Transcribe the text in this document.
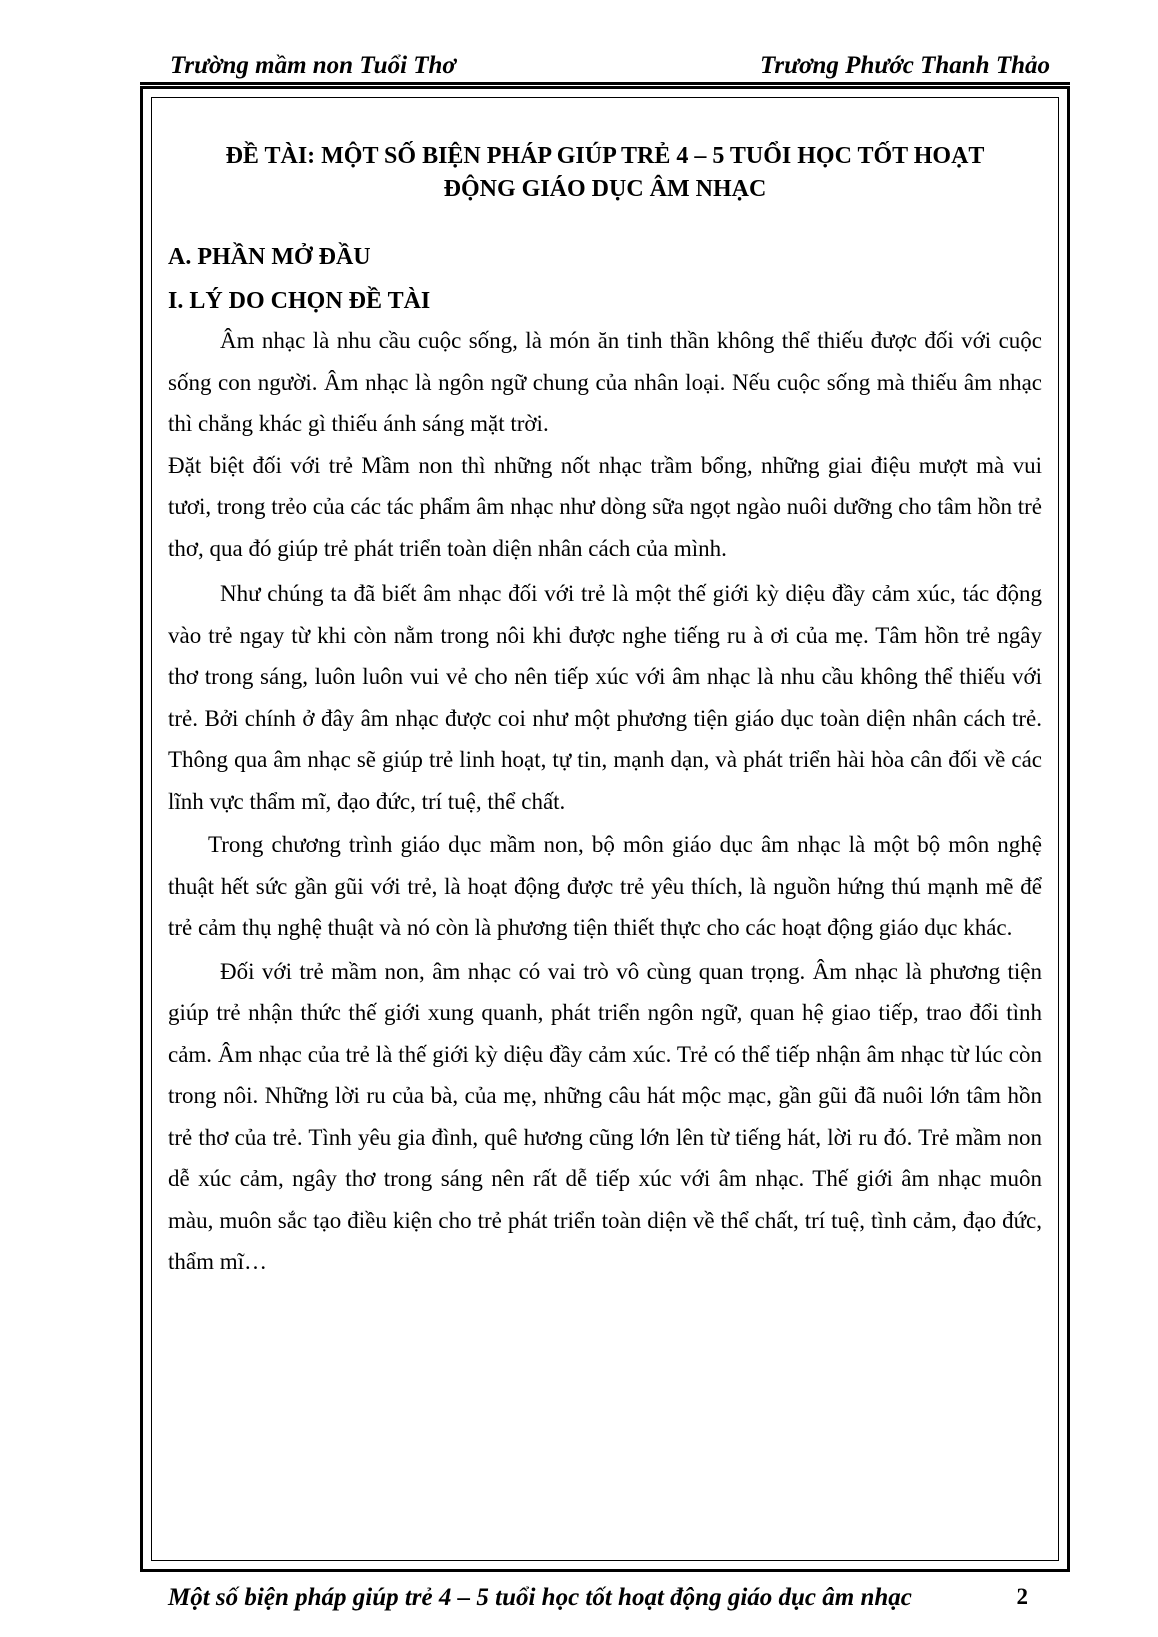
Trường mầm non Tuổi Thơ	Trương Phước Thanh Thảo

ĐỀ TÀI: MỘT SỐ BIỆN PHÁP GIÚP TRẺ 4 – 5 TUỔI HỌC TỐT HOẠT
ĐỘNG GIÁO DỤC ÂM NHẠC

A. PHẦN MỞ ĐẦU

I. LÝ DO CHỌN ĐỀ TÀI

Âm nhạc là nhu cầu cuộc sống, là món ăn tinh thần không thể thiếu được đối với cuộc sống con người. Âm nhạc là ngôn ngữ chung của nhân loại. Nếu cuộc sống mà thiếu âm nhạc thì chẳng khác gì thiếu ánh sáng mặt trời.

Đặt biệt đối với trẻ Mầm non thì những nốt nhạc trầm bổng, những giai điệu mượt mà vui tươi, trong trẻo của các tác phẩm âm nhạc như dòng sữa ngọt ngào nuôi dưỡng cho tâm hồn trẻ thơ, qua đó giúp trẻ phát triển toàn diện nhân cách của mình.

Như chúng ta đã biết âm nhạc đối với trẻ là một thế giới kỳ diệu đầy cảm xúc, tác động vào trẻ ngay từ khi còn nằm trong nôi khi được nghe tiếng ru à ơi của mẹ. Tâm hồn trẻ ngây thơ trong sáng, luôn luôn vui vẻ cho nên tiếp xúc với âm nhạc là nhu cầu không thể thiếu với trẻ. Bởi chính ở đây âm nhạc được coi như một phương tiện giáo dục toàn diện nhân cách trẻ. Thông qua âm nhạc sẽ giúp trẻ linh hoạt, tự tin, mạnh dạn, và phát triển hài hòa cân đối về các lĩnh vực thẩm mĩ, đạo đức, trí tuệ, thể chất.

Trong chương trình giáo dục mầm non, bộ môn giáo dục âm nhạc là một bộ môn nghệ thuật hết sức gần gũi với trẻ, là hoạt động được trẻ yêu thích, là nguồn hứng thú mạnh mẽ để trẻ cảm thụ nghệ thuật và nó còn là phương tiện thiết thực cho các hoạt động giáo dục khác.

Đối với trẻ mầm non, âm nhạc có vai trò vô cùng quan trọng. Âm nhạc là phương tiện giúp trẻ nhận thức thế giới xung quanh, phát triển ngôn ngữ, quan hệ giao tiếp, trao đổi tình cảm. Âm nhạc của trẻ là thế giới kỳ diệu đầy cảm xúc. Trẻ có thể tiếp nhận âm nhạc từ lúc còn trong nôi. Những lời ru của bà, của mẹ, những câu hát mộc mạc, gần gũi đã nuôi lớn tâm hồn trẻ thơ của trẻ. Tình yêu gia đình, quê hương cũng lớn lên từ tiếng hát, lời ru đó. Trẻ mầm non dễ xúc cảm, ngây thơ trong sáng nên rất dễ tiếp xúc với âm nhạc. Thế giới âm nhạc muôn màu, muôn sắc tạo điều kiện cho trẻ phát triển toàn diện về thể chất, trí tuệ, tình cảm, đạo đức, thẩm mĩ…

Một số biện pháp giúp trẻ 4 – 5 tuổi học tốt hoạt động giáo dục âm nhạc	2
